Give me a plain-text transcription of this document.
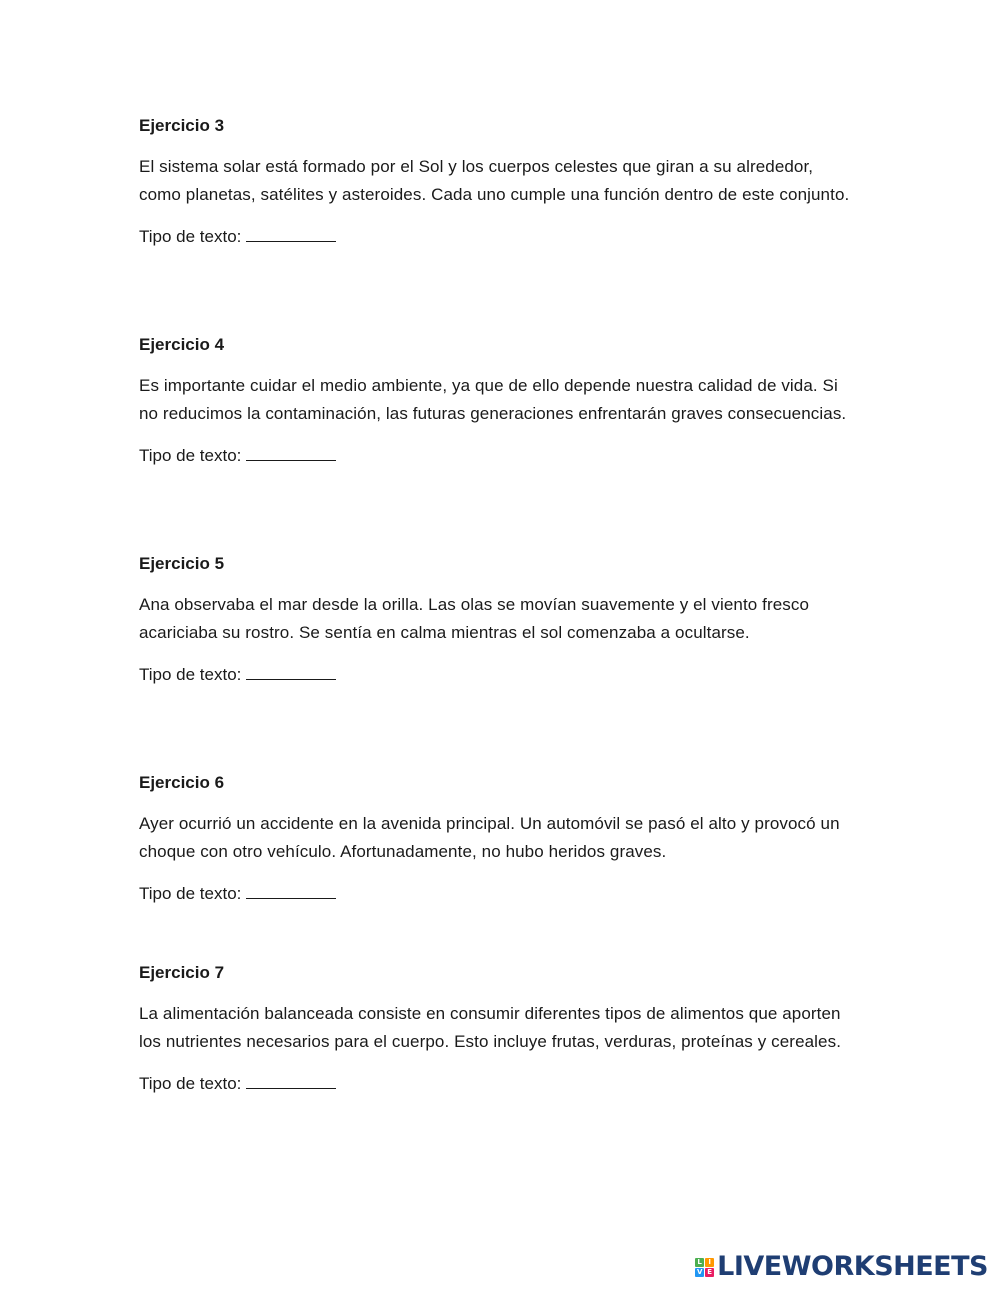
Ejercicio 3

El sistema solar está formado por el Sol y los cuerpos celestes que giran a su alrededor, como planetas, satélites y asteroides. Cada uno cumple una función dentro de este conjunto.

Tipo de texto:

Ejercicio 4

Es importante cuidar el medio ambiente, ya que de ello depende nuestra calidad de vida. Si no reducimos la contaminación, las futuras generaciones enfrentarán graves consecuencias.

Tipo de texto:

Ejercicio 5

Ana observaba el mar desde la orilla. Las olas se movían suavemente y el viento fresco acariciaba su rostro. Se sentía en calma mientras el sol comenzaba a ocultarse.

Tipo de texto:

Ejercicio 6

Ayer ocurrió un accidente en la avenida principal. Un automóvil se pasó el alto y provocó un choque con otro vehículo. Afortunadamente, no hubo heridos graves.

Tipo de texto:

Ejercicio 7

La alimentación balanceada consiste en consumir diferentes tipos de alimentos que aporten los nutrientes necesarios para el cuerpo. Esto incluye frutas, verduras, proteínas y cereales.

Tipo de texto:

L I
V E LIVEWORKSHEETS
